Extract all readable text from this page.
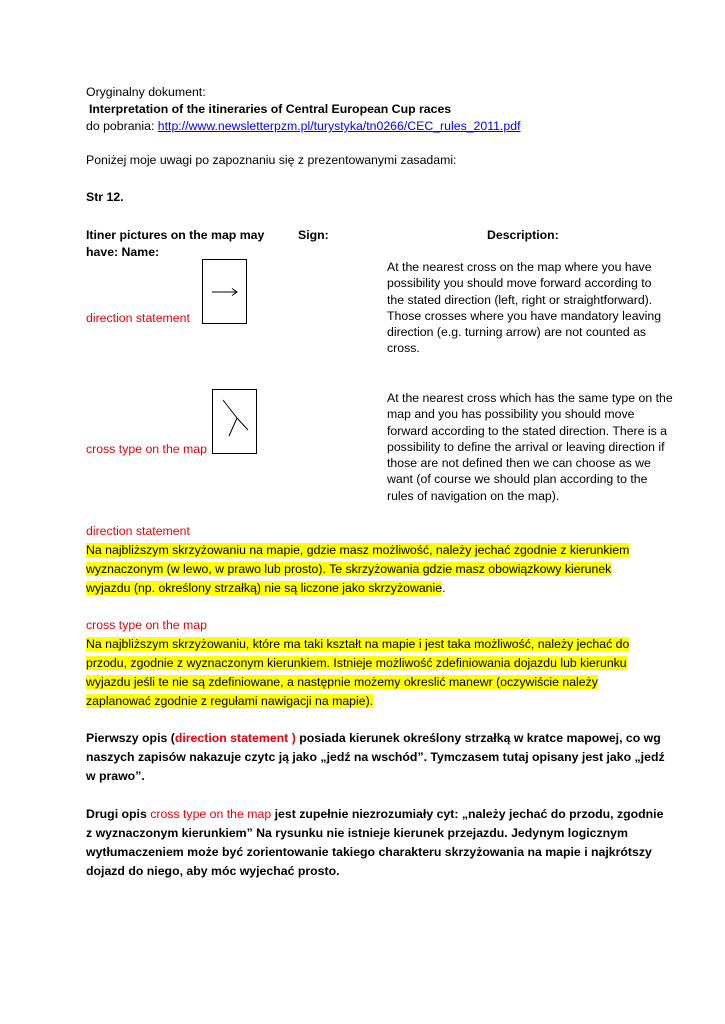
Oryginalny dokument:
Interpretation of the itineraries of Central European Cup races
do pobrania: http://www.newsletterpzm.pl/turystyka/tn0266/CEC_rules_2011.pdf
Poniżej moje uwagi po zapoznaniu się z prezentowanymi zasadami:
Str 12.
Itiner pictures on the map may
have: Name:
Sign:	Description:
direction statement
At the nearest cross on the map where you have
possibility you should move forward according to
the stated direction (left, right or straightforward).
Those crosses where you have mandatory leaving
direction (e.g. turning arrow) are not counted as
cross.
cross type on the map
At the nearest cross which has the same type on the
map and you has possibility you should move
forward according to the stated direction. There is a
possibility to define the arrival or leaving direction if
those are not defined then we can choose as we
want (of course we should plan according to the
rules of navigation on the map).
direction statement
Na najbliższym skrzyżowaniu na mapie, gdzie masz możliwość, należy jechać zgodnie z kierunkiem
wyznaczonym (w lewo, w prawo lub prosto). Te skrzyżowania gdzie masz obowiązkowy kierunek
wyjazdu (np. określony strzałką) nie są liczone jako skrzyżowanie.
cross type on the map
Na najbliższym skrzyżowaniu, które ma taki kształt na mapie i jest taka możliwość, należy jechać do
przodu, zgodnie z wyznaczonym kierunkiem. Istnieje możliwość zdefiniowania dojazdu lub kierunku
wyjazdu jeśli te nie są zdefiniowane, a następnie możemy okreslić manewr (oczywiście należy
zaplanować zgodnie z regułami nawigacji na mapie).
Pierwszy opis (direction statement ) posiada kierunek określony strzałką w kratce mapowej, co wg
naszych zapisów nakazuje czytc ją jako „jedź na wschód”. Tymczasem tutaj opisany jest jako „jedź
w prawo”.
Drugi opis cross type on the map jest zupełnie niezrozumiały cyt: „należy jechać do przodu, zgodnie
z wyznaczonym kierunkiem” Na rysunku nie istnieje kierunek przejazdu. Jedynym logicznym
wytłumaczeniem może być zorientowanie takiego charakteru skrzyżowania na mapie i najkrótszy
dojazd do niego, aby móc wyjechać prosto.
